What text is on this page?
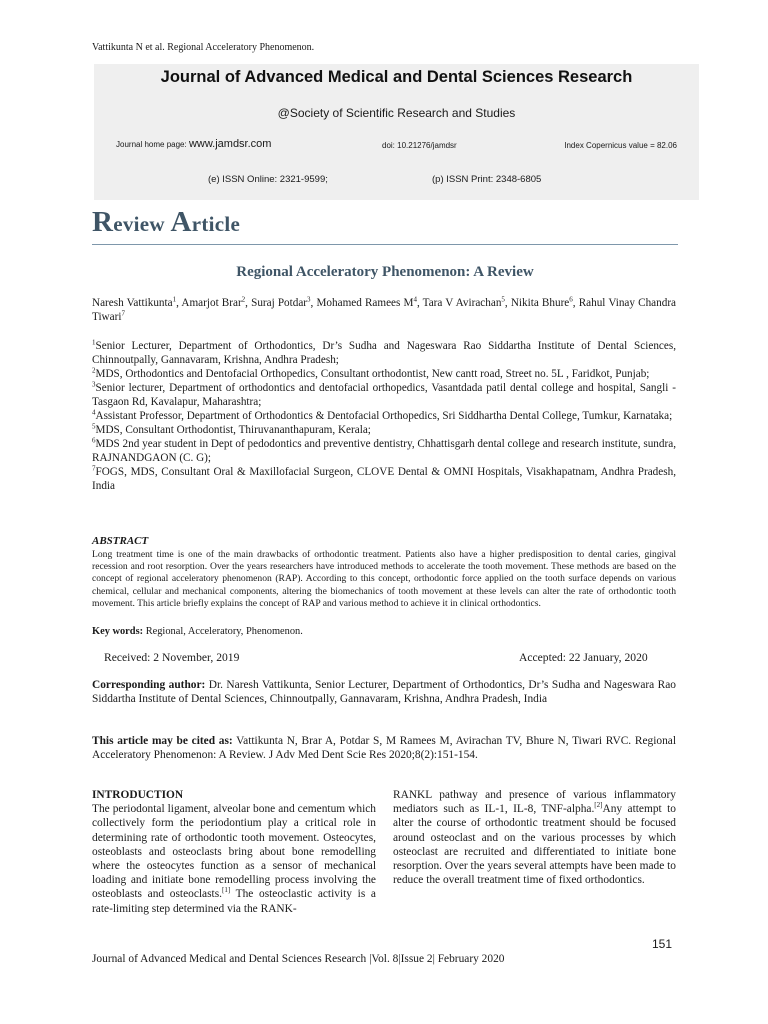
Vattikunta N et al. Regional Acceleratory Phenomenon.
Journal of Advanced Medical and Dental Sciences Research
@Society of Scientific Research and Studies
Journal home page: www.jamdsr.com	doi: 10.21276/jamdsr	Index Copernicus value = 82.06
(e) ISSN Online: 2321-9599;	(p) ISSN Print: 2348-6805
Review Article
Regional Acceleratory Phenomenon: A Review
Naresh Vattikunta$^1$, Amarjot Brar$^2$, Suraj Potdar$^3$, Mohamed Ramees $M^4$, Tara V Avirachan$^5$, Nikita Bhure$^6$, Rahul Vinay Chandra Tiwari$^7$

$^1$Senior Lecturer, Department of Orthodontics, Dr’s Sudha and Nageswara Rao Siddartha Institute of Dental Sciences, Chinnoutpally, Gannavaram, Krishna, Andhra Pradesh;

$^2$MDS, Orthodontics and Dentofacial Orthopedics, Consultant orthodontist, New cantt road, Street no. 5L , Faridkot, Punjab;

$^3$Senior lecturer, Department of orthodontics and dentofacial orthopedics, Vasantdada patil dental college and hospital, Sangli - Tasgaon Rd, Kavalapur, Maharashtra;

$^4$Assistant Professor, Department of Orthodontics & Dentofacial Orthopedics, Sri Siddhartha Dental College, Tumkur, Karnataka;

$^5$MDS, Consultant Orthodontist, Thiruvananthapuram, Kerala;

$^6$MDS 2nd year student in Dept of pedodontics and preventive dentistry, Chhattisgarh dental college and research institute, sundra, RAJNANDGAON (C. G);

$^7$FOGS, MDS, Consultant Oral & Maxillofacial Surgeon, CLOVE Dental & OMNI Hospitals, Visakhapatnam, Andhra Pradesh, India

ABSTRACT
Long treatment time is one of the main drawbacks of orthodontic treatment. Patients also have a higher predisposition to dental caries, gingival recession and root resorption. Over the years researchers have introduced methods to accelerate the tooth movement. These methods are based on the concept of regional acceleratory phenomenon (RAP). According to this concept, orthodontic force applied on the tooth surface depends on various chemical, cellular and mechanical components, altering the biomechanics of tooth movement at these levels can alter the rate of orthodontic tooth movement. This article briefly explains the concept of RAP and various method to achieve it in clinical orthodontics.
Key words: Regional, Acceleratory, Phenomenon.
Received: 2 November, 2019	Accepted: 22 January, 2020
Corresponding author: Dr. Naresh Vattikunta, Senior Lecturer, Department of Orthodontics, Dr’s Sudha and Nageswara Rao Siddartha Institute of Dental Sciences, Chinnoutpally, Gannavaram, Krishna, Andhra Pradesh, India
This article may be cited as: Vattikunta N, Brar A, Potdar S, M Ramees M, Avirachan TV, Bhure N, Tiwari RVC. Regional Acceleratory Phenomenon: A Review. J Adv Med Dent Scie Res 2020;8(2):151-154.
INTRODUCTION
The periodontal ligament, alveolar bone and cementum which collectively form the periodontium play a critical role in determining rate of orthodontic tooth movement. Osteocytes, osteoblasts and osteoclasts bring about bone remodelling where the osteocytes function as a sensor of mechanical loading and initiate bone remodelling process involving the osteoblasts and osteoclasts.[1] The osteoclastic activity is a rate-limiting step determined via the RANK-
RANKL pathway and presence of various inflammatory mediators such as IL-1, IL-8, TNF-alpha.[2]Any attempt to alter the course of orthodontic treatment should be focused around osteoclast and on the various processes by which osteoclast are recruited and differentiated to initiate bone resorption. Over the years several attempts have been made to reduce the overall treatment time of fixed orthodontics.
151
Journal of Advanced Medical and Dental Sciences Research |Vol. 8|Issue 2| February 2020
